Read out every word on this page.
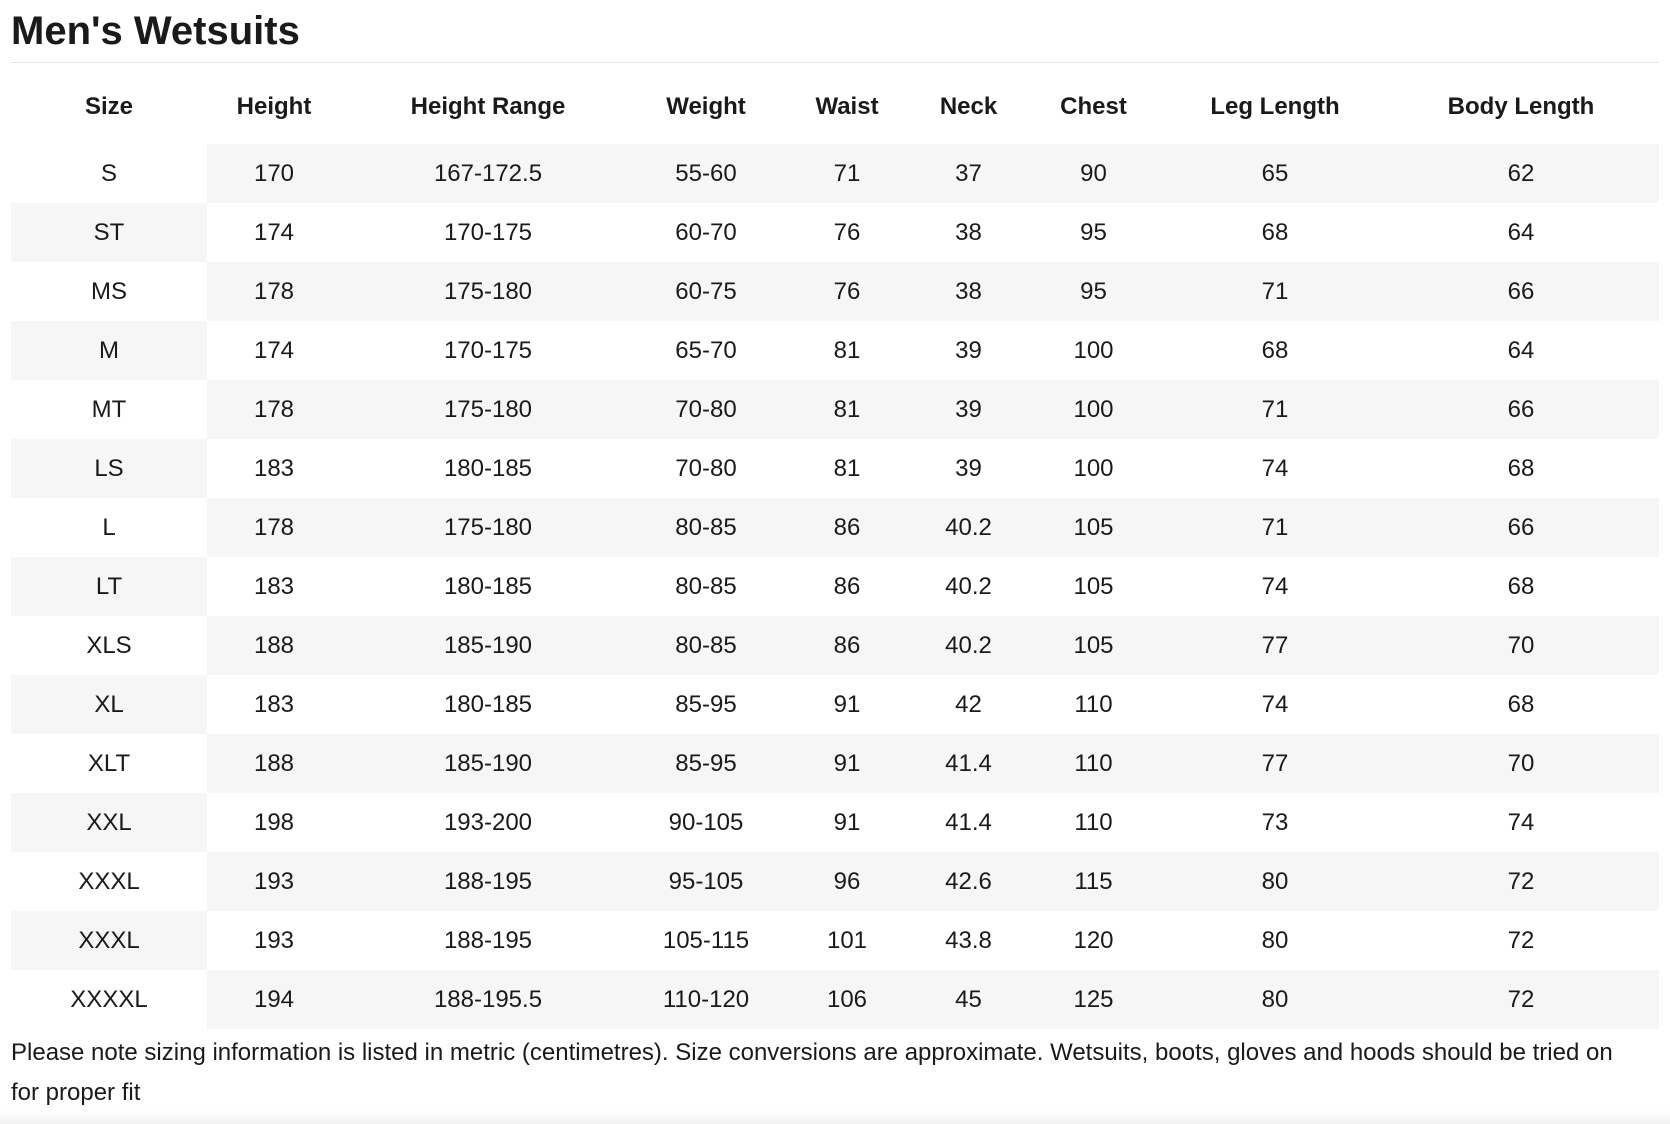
Men's Wetsuits
Size	Height	Height Range	Weight	Waist	Neck	Chest	Leg Length	Body Length
S	170	167-172.5	55-60	71	37	90	65	62
ST	174	170-175	60-70	76	38	95	68	64
MS	178	175-180	60-75	76	38	95	71	66
M	174	170-175	65-70	81	39	100	68	64
MT	178	175-180	70-80	81	39	100	71	66
LS	183	180-185	70-80	81	39	100	74	68
L	178	175-180	80-85	86	40.2	105	71	66
LT	183	180-185	80-85	86	40.2	105	74	68
XLS	188	185-190	80-85	86	40.2	105	77	70
XL	183	180-185	85-95	91	42	110	74	68
XLT	188	185-190	85-95	91	41.4	110	77	70
XXL	198	193-200	90-105	91	41.4	110	73	74
XXXL	193	188-195	95-105	96	42.6	115	80	72
XXXL	193	188-195	105-115	101	43.8	120	80	72
XXXXL	194	188-195.5	110-120	106	45	125	80	72

Please note sizing information is listed in metric (centimetres). Size conversions are approximate. Wetsuits, boots, gloves and hoods should be tried on for proper fit
